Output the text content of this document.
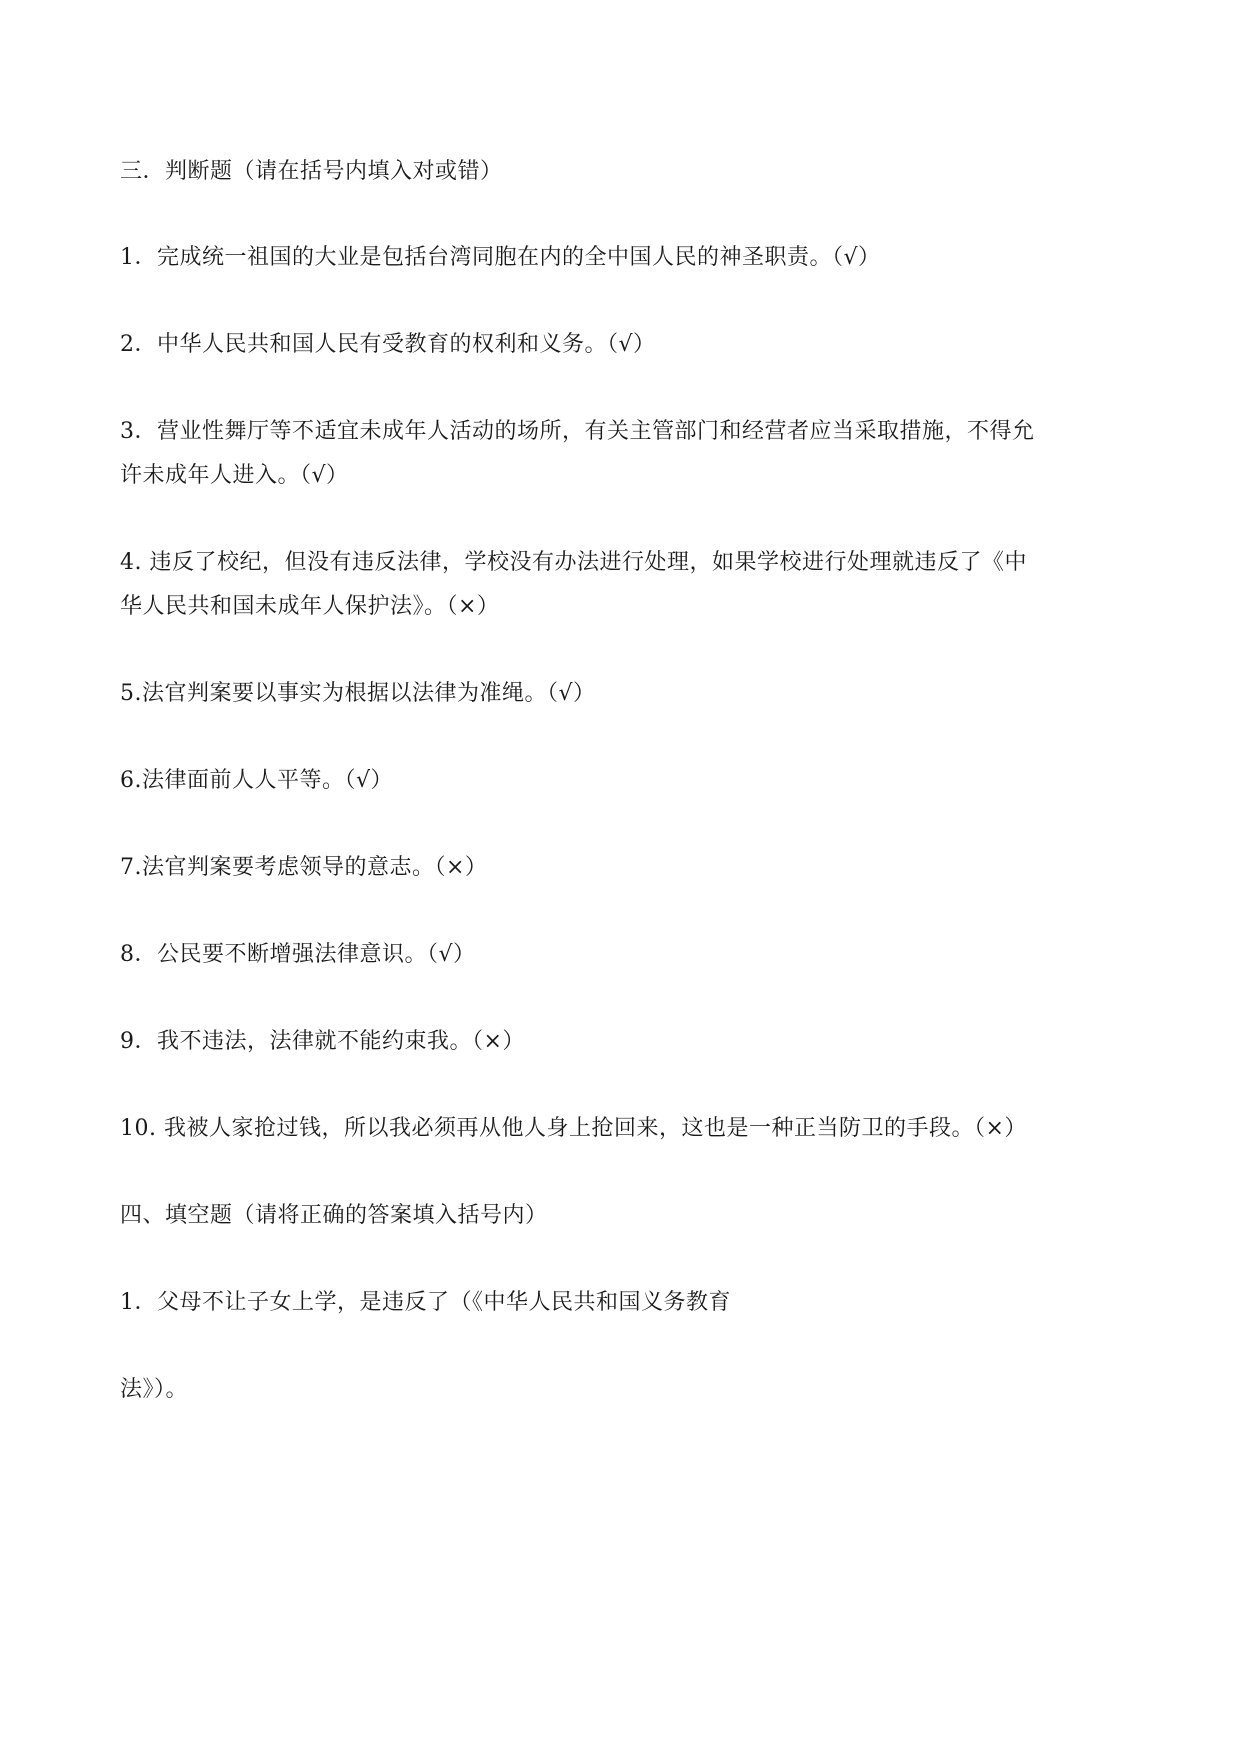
三．判断题（请在括号内填入对或错）
1．完成统一祖国的大业是包括台湾同胞在内的全中国人民的神圣职责。（√）
2．中华人民共和国人民有受教育的权利和义务。（√）
3．营业性舞厅等不适宜未成年人活动的场所，有关主管部门和经营者应当采取措施，不得允
许未成年人进入。（√）
4. 违反了校纪，但没有违反法律，学校没有办法进行处理，如果学校进行处理就违反了《中
华人民共和国未成年人保护法》。（×）
5.法官判案要以事实为根据以法律为准绳。（√）
6.法律面前人人平等。（√）
7.法官判案要考虑领导的意志。（×）
8．公民要不断增强法律意识。（√）
9．我不违法，法律就不能约束我。（×）
10. 我被人家抢过钱，所以我必须再从他人身上抢回来，这也是一种正当防卫的手段。（×）
四、填空题（请将正确的答案填入括号内）
1．父母不让子女上学，是违反了（《中华人民共和国义务教育
法》）。
